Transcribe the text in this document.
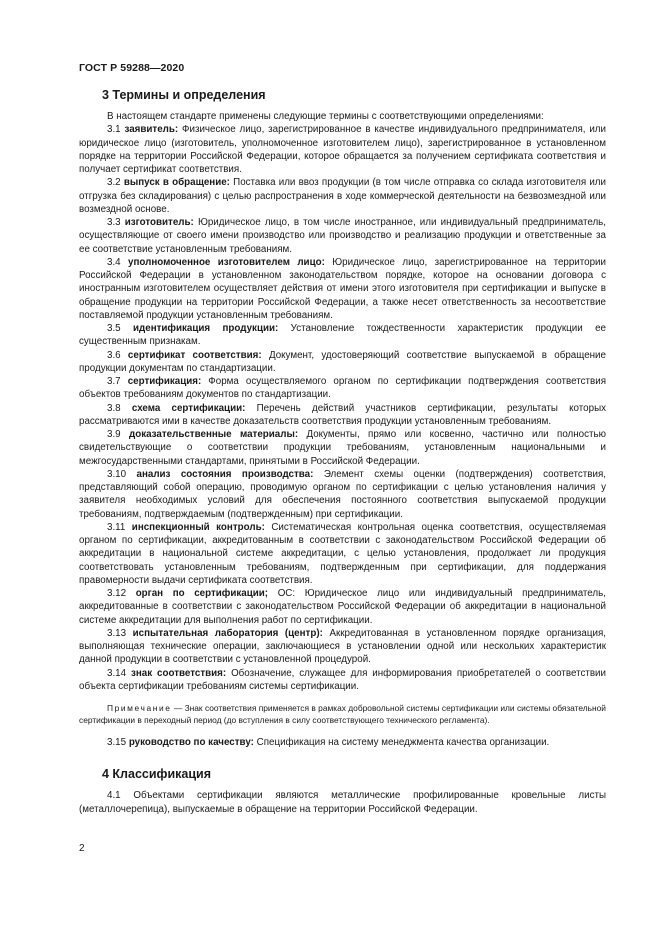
ГОСТ Р 59288—2020
3 Термины и определения

В настоящем стандарте применены следующие термины с соответствующими определениями:

3.1 заявитель: Физическое лицо, зарегистрированное в качестве индивидуального предпринимателя, или юридическое лицо (изготовитель, уполномоченное изготовителем лицо), зарегистрированное в установленном порядке на территории Российской Федерации, которое обращается за получением сертификата соответствия и получает сертификат соответствия.

3.2 выпуск в обращение: Поставка или ввоз продукции (в том числе отправка со склада изготовителя или отгрузка без складирования) с целью распространения в ходе коммерческой деятельности на безвозмездной или возмездной основе.

3.3 изготовитель: Юридическое лицо, в том числе иностранное, или индивидуальный предприниматель, осуществляющие от своего имени производство или производство и реализацию продукции и ответственные за ее соответствие установленным требованиям.

3.4 уполномоченное изготовителем лицо: Юридическое лицо, зарегистрированное на территории Российской Федерации в установленном законодательством порядке, которое на основании договора с иностранным изготовителем осуществляет действия от имени этого изготовителя при сертификации и выпуске в обращение продукции на территории Российской Федерации, а также несет ответственность за несоответствие поставляемой продукции установленным требованиям.

3.5 идентификация продукции: Установление тождественности характеристик продукции ее существенным признакам.

3.6 сертификат соответствия: Документ, удостоверяющий соответствие выпускаемой в обращение продукции документам по стандартизации.

3.7 сертификация: Форма осуществляемого органом по сертификации подтверждения соответствия объектов требованиям документов по стандартизации.

3.8 схема сертификации: Перечень действий участников сертификации, результаты которых рассматриваются ими в качестве доказательств соответствия продукции установленным требованиям.

3.9 доказательственные материалы: Документы, прямо или косвенно, частично или полностью свидетельствующие о соответствии продукции требованиям, установленным национальными и межгосударственными стандартами, принятыми в Российской Федерации.

3.10 анализ состояния производства: Элемент схемы оценки (подтверждения) соответствия, представляющий собой операцию, проводимую органом по сертификации с целью установления наличия у заявителя необходимых условий для обеспечения постоянного соответствия выпускаемой продукции требованиям, подтверждаемым (подтвержденным) при сертификации.

3.11 инспекционный контроль: Систематическая контрольная оценка соответствия, осуществляемая органом по сертификации, аккредитованным в соответствии с законодательством Российской Федерации об аккредитации в национальной системе аккредитации, с целью установления, продолжает ли продукция соответствовать установленным требованиям, подтвержденным при сертификации, для поддержания правомерности выдачи сертификата соответствия.

3.12 орган по сертификации; ОС: Юридическое лицо или индивидуальный предприниматель, аккредитованные в соответствии с законодательством Российской Федерации об аккредитации в национальной системе аккредитации для выполнения работ по сертификации.

3.13 испытательная лаборатория (центр): Аккредитованная в установленном порядке организация, выполняющая технические операции, заключающиеся в установлении одной или нескольких характеристик данной продукции в соответствии с установленной процедурой.

3.14 знак соответствия: Обозначение, служащее для информирования приобретателей о соответствии объекта сертификации требованиям системы сертификации.

Примечание — Знак соответствия применяется в рамках добровольной системы сертификации или системы обязательной сертификации в переходный период (до вступления в силу соответствующего технического регламента).

3.15 руководство по качеству: Спецификация на систему менеджмента качества организации.

4 Классификация

4.1 Объектами сертификации являются металлические профилированные кровельные листы (металлочерепица), выпускаемые в обращение на территории Российской Федерации.

2
